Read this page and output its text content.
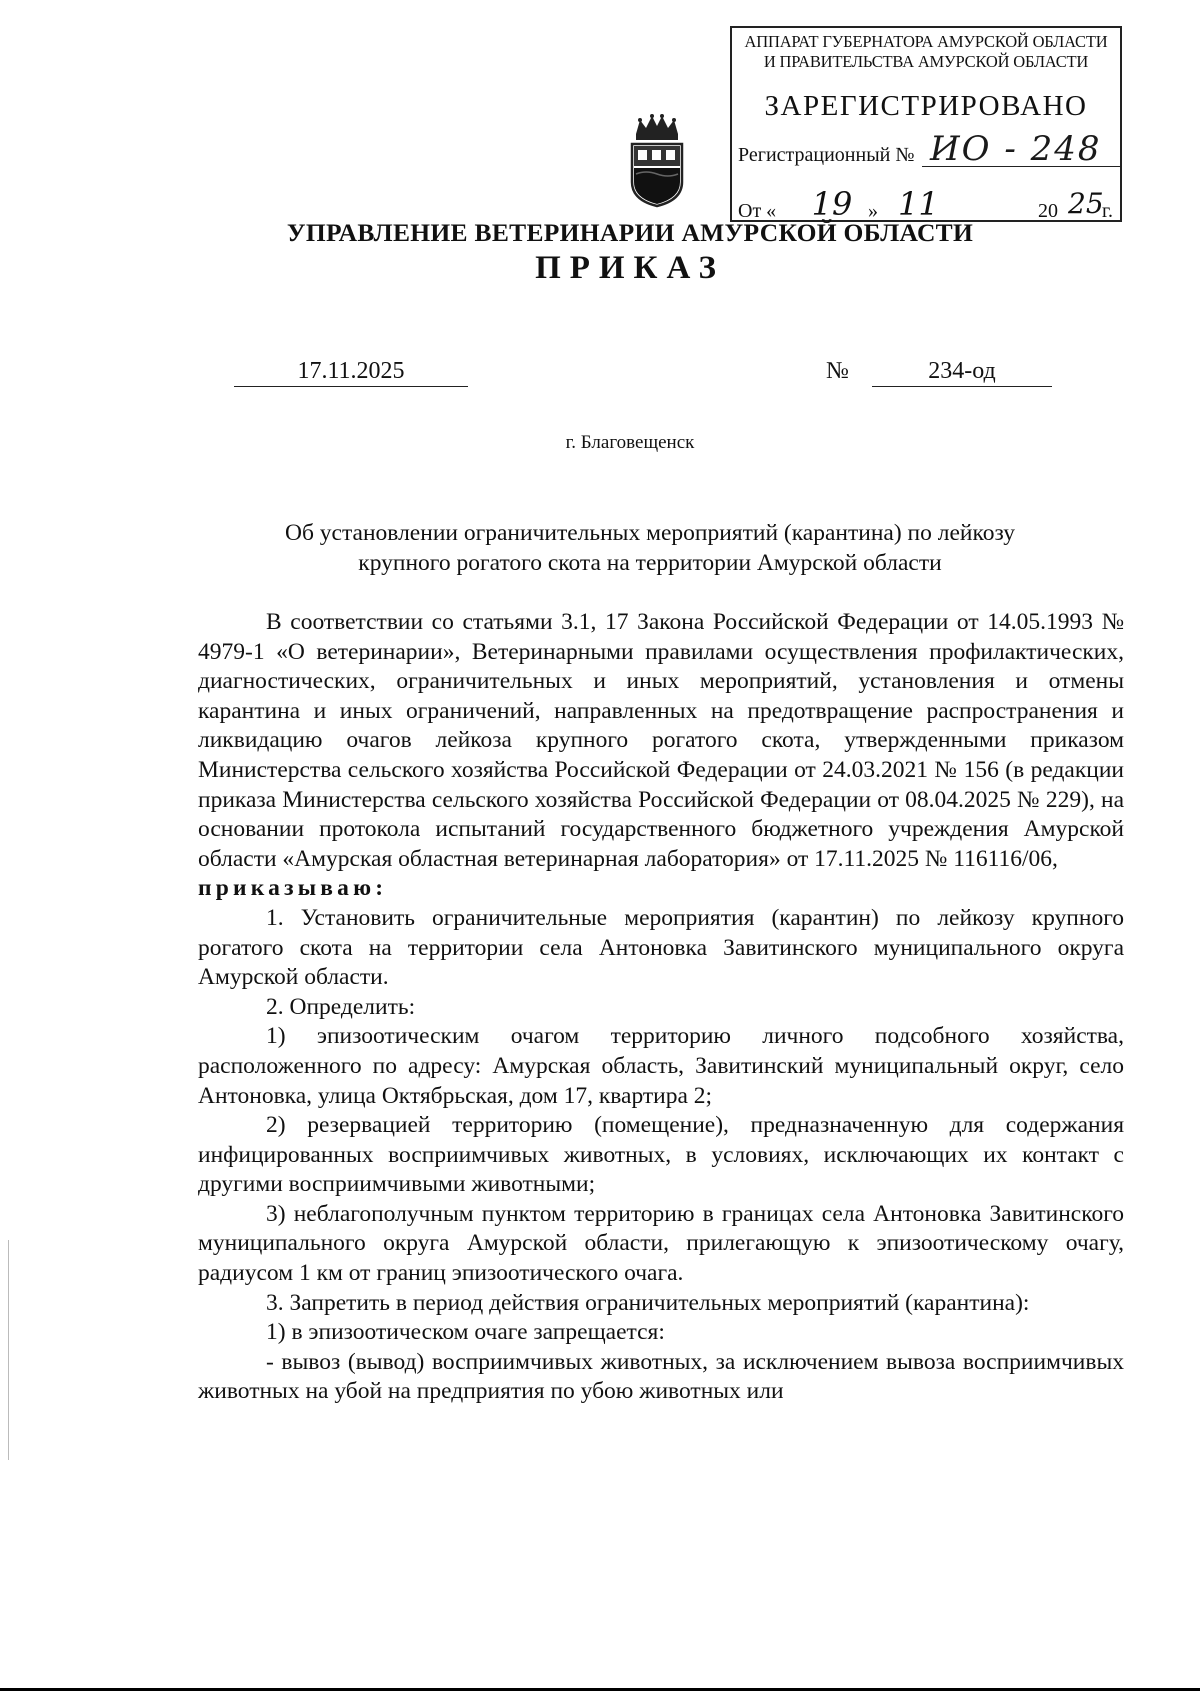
АППАРАТ ГУБЕРНАТОРА АМУРСКОЙ ОБЛАСТИ
И ПРАВИТЕЛЬСТВА АМУРСКОЙ ОБЛАСТИ
ЗАРЕГИСТРИРОВАНО
Регистрационный № ИО - 248
От «	19 » 11	20 25
г.
УПРАВЛЕНИЕ ВЕТЕРИНАРИИ АМУРСКОЙ ОБЛАСТИ
ПРИКАЗ
17.11.2025	№	234-од
г. Благовещенск
Об установлении ограничительных мероприятий (карантина) по лейкозу
крупного рогатого скота на территории Амурской области

В соответствии со статьями 3.1, 17 Закона Российской Федерации от 14.05.1993 № 4979-1 «О ветеринарии», Ветеринарными правилами осуществления профилактических, диагностических, ограничительных и иных мероприятий, установления и отмены карантина и иных ограничений, направленных на предотвращение распространения и ликвидацию очагов лейкоза крупного рогатого скота, утвержденными приказом Министерства сельского хозяйства Российской Федерации от 24.03.2021 № 156 (в редакции приказа Министерства сельского хозяйства Российской Федерации от 08.04.2025 № 229), на основании протокола испытаний государственного бюджетного учреждения Амурской области «Амурская областная ветеринарная лаборатория» от 17.11.2025 № 116116/06,

приказываю:

1. Установить ограничительные мероприятия (карантин) по лейкозу крупного рогатого скота на территории села Антоновка Завитинского муниципального округа Амурской области.

2. Определить:

1) эпизоотическим очагом территорию личного подсобного хозяйства, расположенного по адресу: Амурская область, Завитинский муниципальный округ, село Антоновка, улица Октябрьская, дом 17, квартира 2;

2) резервацией территорию (помещение), предназначенную для содержания инфицированных восприимчивых животных, в условиях, исключающих их контакт с другими восприимчивыми животными;

3) неблагополучным пунктом территорию в границах села Антоновка Завитинского муниципального округа Амурской области, прилегающую к эпизоотическому очагу, радиусом 1 км от границ эпизоотического очага.

3. Запретить в период действия ограничительных мероприятий (карантина):

1) в эпизоотическом очаге запрещается:

- вывоз (вывод) восприимчивых животных, за исключением вывоза восприимчивых животных на убой на предприятия по убою животных или
